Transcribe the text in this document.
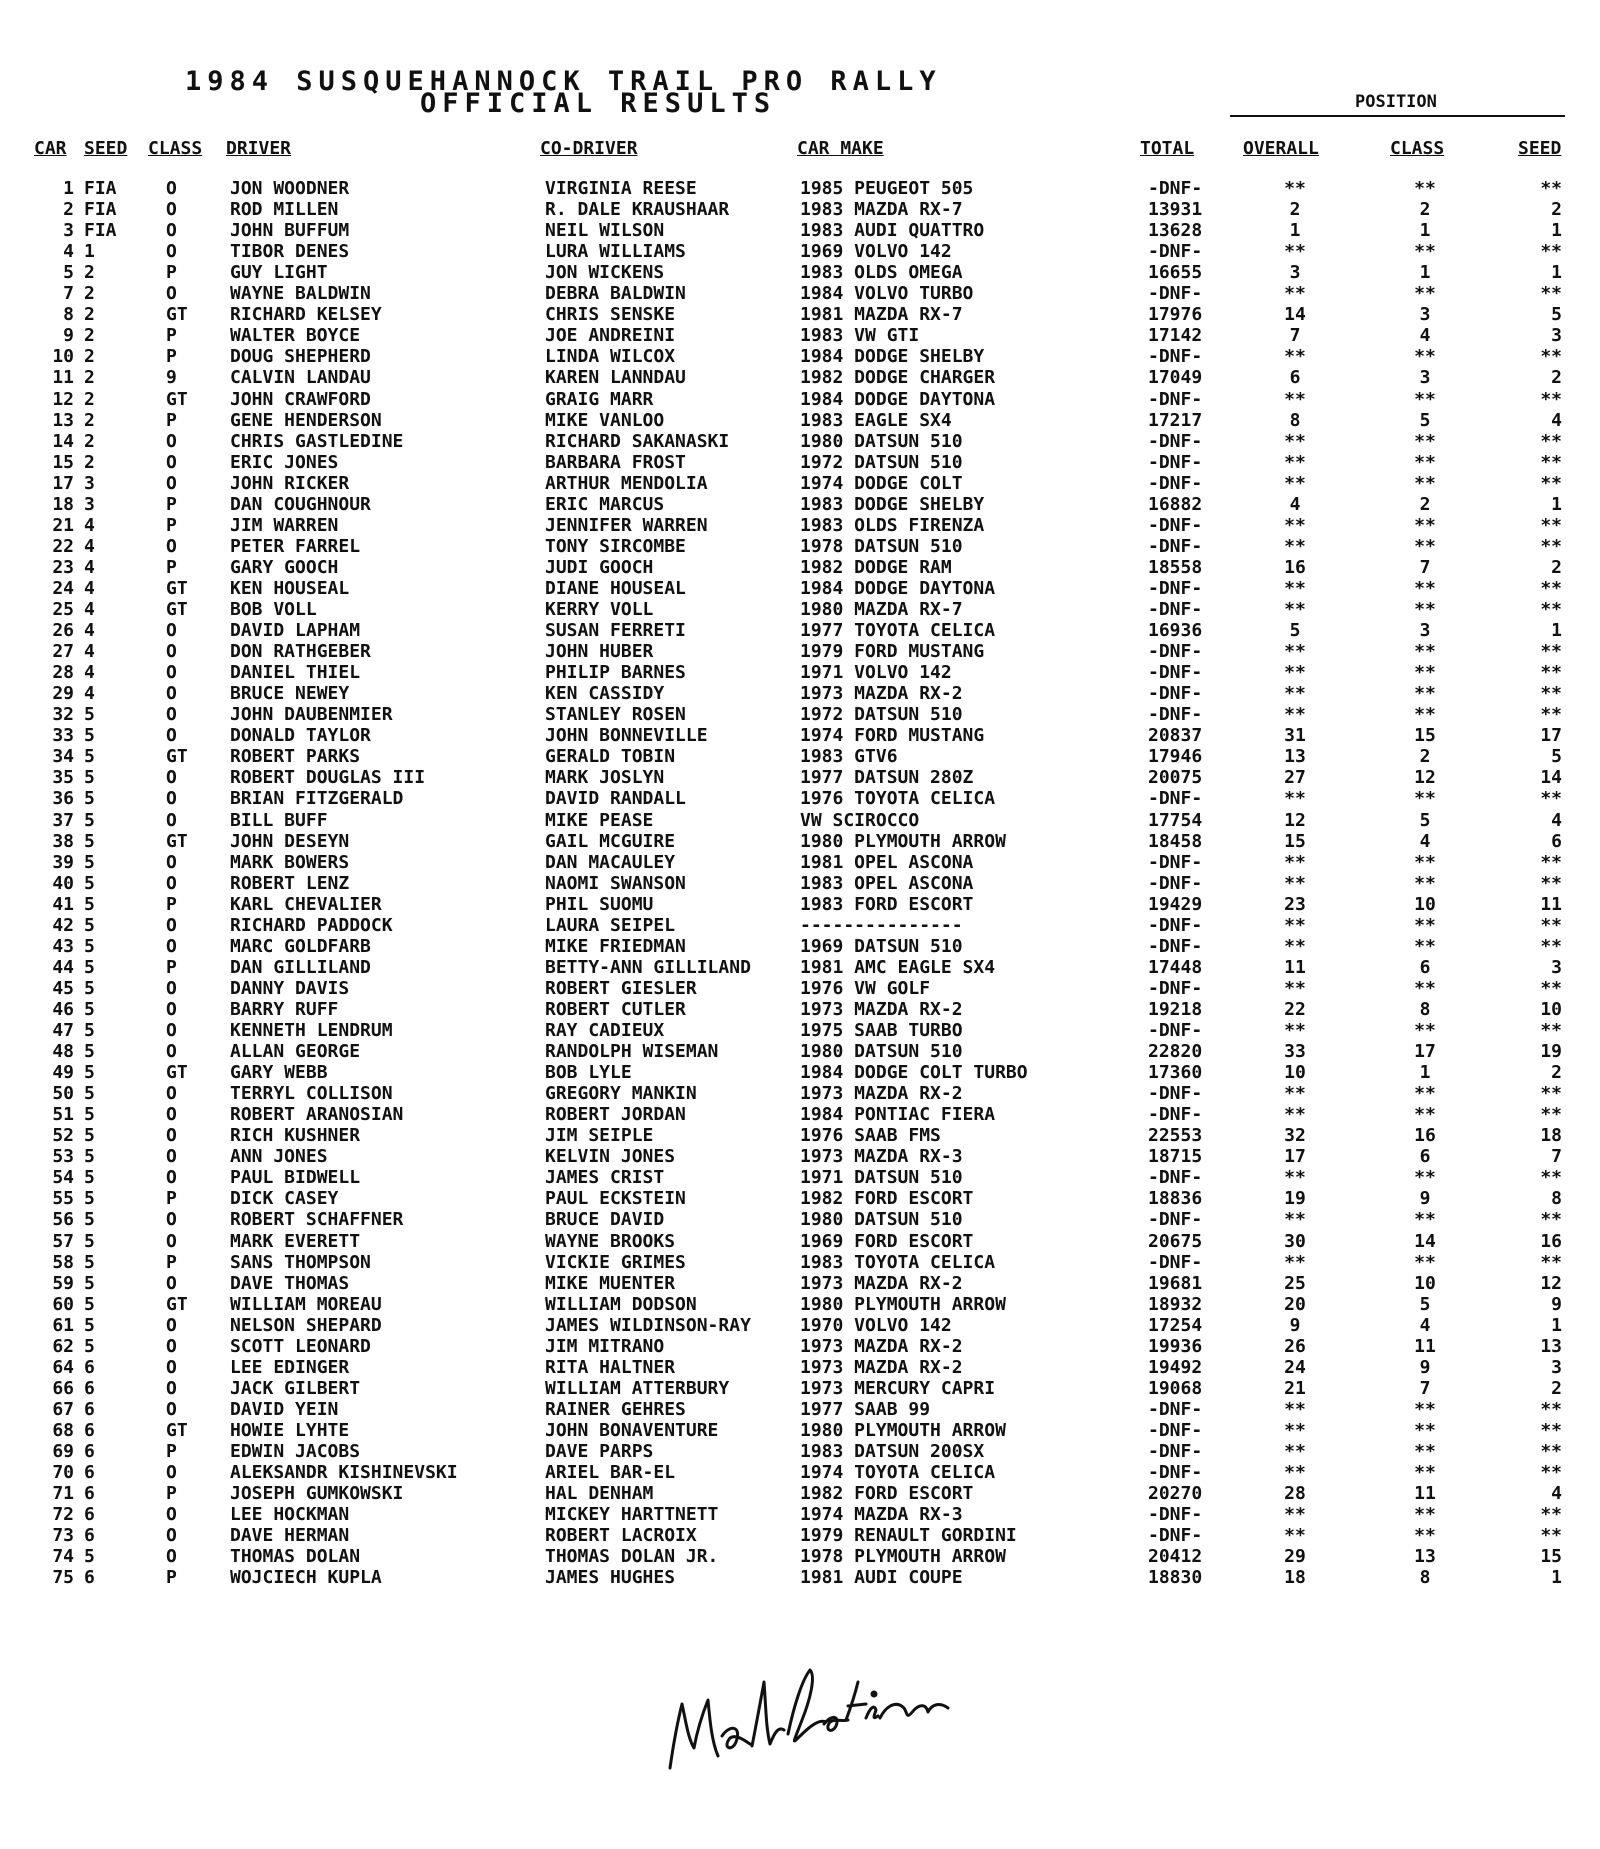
1984 SUSQUEHANNOCK TRAIL PRO RALLY
OFFICIAL RESULTS	POSITION
CAR SEED CLASS DRIVER	CO-DRIVER	CAR MAKE	TOTAL	OVERALL	CLASS	SEED
1 FIA	O	JON WOODNER	VIRGINIA REESE	1985 PEUGEOT 505	-DNF-	**	**	**
2 FIA	O	ROD MILLEN	R. DALE KRAUSHAAR	1983 MAZDA RX-7	13931	2	2	2
3 FIA	O	JOHN BUFFUM	NEIL WILSON	1983 AUDI QUATTRO	13628	1	1	1
4 1	O	TIBOR DENES	LURA WILLIAMS	1969 VOLVO 142	-DNF-	**	**	**
5 2	P	GUY LIGHT	JON WICKENS	1983 OLDS OMEGA	16655	3	1	1
7 2	O	WAYNE BALDWIN	DEBRA BALDWIN	1984 VOLVO TURBO	-DNF-	**	**	**
8 2	GT	RICHARD KELSEY	CHRIS SENSKE	1981 MAZDA RX-7	17976	14	3	5
9 2	P	WALTER BOYCE	JOE ANDREINI	1983 VW GTI	17142	7	4	3
10 2	P	DOUG SHEPHERD	LINDA WILCOX	1984 DODGE SHELBY	-DNF-	**	**	**
11 2	9	CALVIN LANDAU	KAREN LANNDAU	1982 DODGE CHARGER	17049	6	3	2
12 2	GT	JOHN CRAWFORD	GRAIG MARR	1984 DODGE DAYTONA	-DNF-	**	**	**
13 2	P	GENE HENDERSON	MIKE VANLOO	1983 EAGLE SX4	17217	8	5	4
14 2	O	CHRIS GASTLEDINE	RICHARD SAKANASKI	1980 DATSUN 510	-DNF-	**	**	**
15 2	O	ERIC JONES	BARBARA FROST	1972 DATSUN 510	-DNF-	**	**	**
17 3	O	JOHN RICKER	ARTHUR MENDOLIA	1974 DODGE COLT	-DNF-	**	**	**
18 3	P	DAN COUGHNOUR	ERIC MARCUS	1983 DODGE SHELBY	16882	4	2	1
21 4	P	JIM WARREN	JENNIFER WARREN	1983 OLDS FIRENZA	-DNF-	**	**	**
22 4	O	PETER FARREL	TONY SIRCOMBE	1978 DATSUN 510	-DNF-	**	**	**
23 4	P	GARY GOOCH	JUDI GOOCH	1982 DODGE RAM	18558	16	7	2
24 4	GT	KEN HOUSEAL	DIANE HOUSEAL	1984 DODGE DAYTONA	-DNF-	**	**	**
25 4	GT	BOB VOLL	KERRY VOLL	1980 MAZDA RX-7	-DNF-	**	**	**
26 4	O	DAVID LAPHAM	SUSAN FERRETI	1977 TOYOTA CELICA	16936	5	3	1
27 4	O	DON RATHGEBER	JOHN HUBER	1979 FORD MUSTANG	-DNF-	**	**	**
28 4	O	DANIEL THIEL	PHILIP BARNES	1971 VOLVO 142	-DNF-	**	**	**
29 4	O	BRUCE NEWEY	KEN CASSIDY	1973 MAZDA RX-2	-DNF-	**	**	**
32 5	O	JOHN DAUBENMIER	STANLEY ROSEN	1972 DATSUN 510	-DNF-	**	**	**
33 5	O	DONALD TAYLOR	JOHN BONNEVILLE	1974 FORD MUSTANG	20837	31	15	17
34 5	GT	ROBERT PARKS	GERALD TOBIN	1983 GTV6	17946	13	2	5
35 5	O	ROBERT DOUGLAS III	MARK JOSLYN	1977 DATSUN 280Z	20075	27	12	14
36 5	O	BRIAN FITZGERALD	DAVID RANDALL	1976 TOYOTA CELICA	-DNF-	**	**	**
37 5	O	BILL BUFF	MIKE PEASE	VW SCIROCCO	17754	12	5	4
38 5	GT	JOHN DESEYN	GAIL MCGUIRE	1980 PLYMOUTH ARROW	18458	15	4	6
39 5	O	MARK BOWERS	DAN MACAULEY	1981 OPEL ASCONA	-DNF-	**	**	**
40 5	O	ROBERT LENZ	NAOMI SWANSON	1983 OPEL ASCONA	-DNF-	**	**	**
41 5	P	KARL CHEVALIER	PHIL SUOMU	1983 FORD ESCORT	19429	23	10	11
42 5	O	RICHARD PADDOCK	LAURA SEIPEL	---------------	-DNF-	**	**	**
43 5	O	MARC GOLDFARB	MIKE FRIEDMAN	1969 DATSUN 510	-DNF-	**	**	**
44 5	P	DAN GILLILAND	BETTY-ANN GILLILAND	1981 AMC EAGLE SX4	17448	11	6	3
45 5	O	DANNY DAVIS	ROBERT GIESLER	1976 VW GOLF	-DNF-	**	**	**
46 5	O	BARRY RUFF	ROBERT CUTLER	1973 MAZDA RX-2	19218	22	8	10
47 5	O	KENNETH LENDRUM	RAY CADIEUX	1975 SAAB TURBO	-DNF-	**	**	**
48 5	O	ALLAN GEORGE	RANDOLPH WISEMAN	1980 DATSUN 510	22820	33	17	19
49 5	GT	GARY WEBB	BOB LYLE	1984 DODGE COLT TURBO	17360	10	1	2
50 5	O	TERRYL COLLISON	GREGORY MANKIN	1973 MAZDA RX-2	-DNF-	**	**	**
51 5	O	ROBERT ARANOSIAN	ROBERT JORDAN	1984 PONTIAC FIERA	-DNF-	**	**	**
52 5	O	RICH KUSHNER	JIM SEIPLE	1976 SAAB FMS	22553	32	16	18
53 5	O	ANN JONES	KELVIN JONES	1973 MAZDA RX-3	18715	17	6	7
54 5	O	PAUL BIDWELL	JAMES CRIST	1971 DATSUN 510	-DNF-	**	**	**
55 5	P	DICK CASEY	PAUL ECKSTEIN	1982 FORD ESCORT	18836	19	9	8
56 5	O	ROBERT SCHAFFNER	BRUCE DAVID	1980 DATSUN 510	-DNF-	**	**	**
57 5	O	MARK EVERETT	WAYNE BROOKS	1969 FORD ESCORT	20675	30	14	16
58 5	P	SANS THOMPSON	VICKIE GRIMES	1983 TOYOTA CELICA	-DNF-	**	**	**
59 5	O	DAVE THOMAS	MIKE MUENTER	1973 MAZDA RX-2	19681	25	10	12
60 5	GT	WILLIAM MOREAU	WILLIAM DODSON	1980 PLYMOUTH ARROW	18932	20	5	9
61 5	O	NELSON SHEPARD	JAMES WILDINSON-RAY	1970 VOLVO 142	17254	9	4	1
62 5	O	SCOTT LEONARD	JIM MITRANO	1973 MAZDA RX-2	19936	26	11	13
64 6	O	LEE EDINGER	RITA HALTNER	1973 MAZDA RX-2	19492	24	9	3
66 6	O	JACK GILBERT	WILLIAM ATTERBURY	1973 MERCURY CAPRI	19068	21	7	2
67 6	O	DAVID YEIN	RAINER GEHRES	1977 SAAB 99	-DNF-	**	**	**
68 6	GT	HOWIE LYHTE	JOHN BONAVENTURE	1980 PLYMOUTH ARROW	-DNF-	**	**	**
69 6	P	EDWIN JACOBS	DAVE PARPS	1983 DATSUN 200SX	-DNF-	**	**	**
70 6	O	ALEKSANDR KISHINEVSKI	ARIEL BAR-EL	1974 TOYOTA CELICA	-DNF-	**	**	**
71 6	P	JOSEPH GUMKOWSKI	HAL DENHAM	1982 FORD ESCORT	20270	28	11	4
72 6	O	LEE HOCKMAN	MICKEY HARTTNETT	1974 MAZDA RX-3	-DNF-	**	**	**
73 6	O	DAVE HERMAN	ROBERT LACROIX	1979 RENAULT GORDINI	-DNF-	**	**	**
74 5	O	THOMAS DOLAN	THOMAS DOLAN JR.	1978 PLYMOUTH ARROW	20412	29	13	15
75 6	P	WOJCIECH KUPLA	JAMES HUGHES	1981 AUDI COUPE	18830	18	8	1
